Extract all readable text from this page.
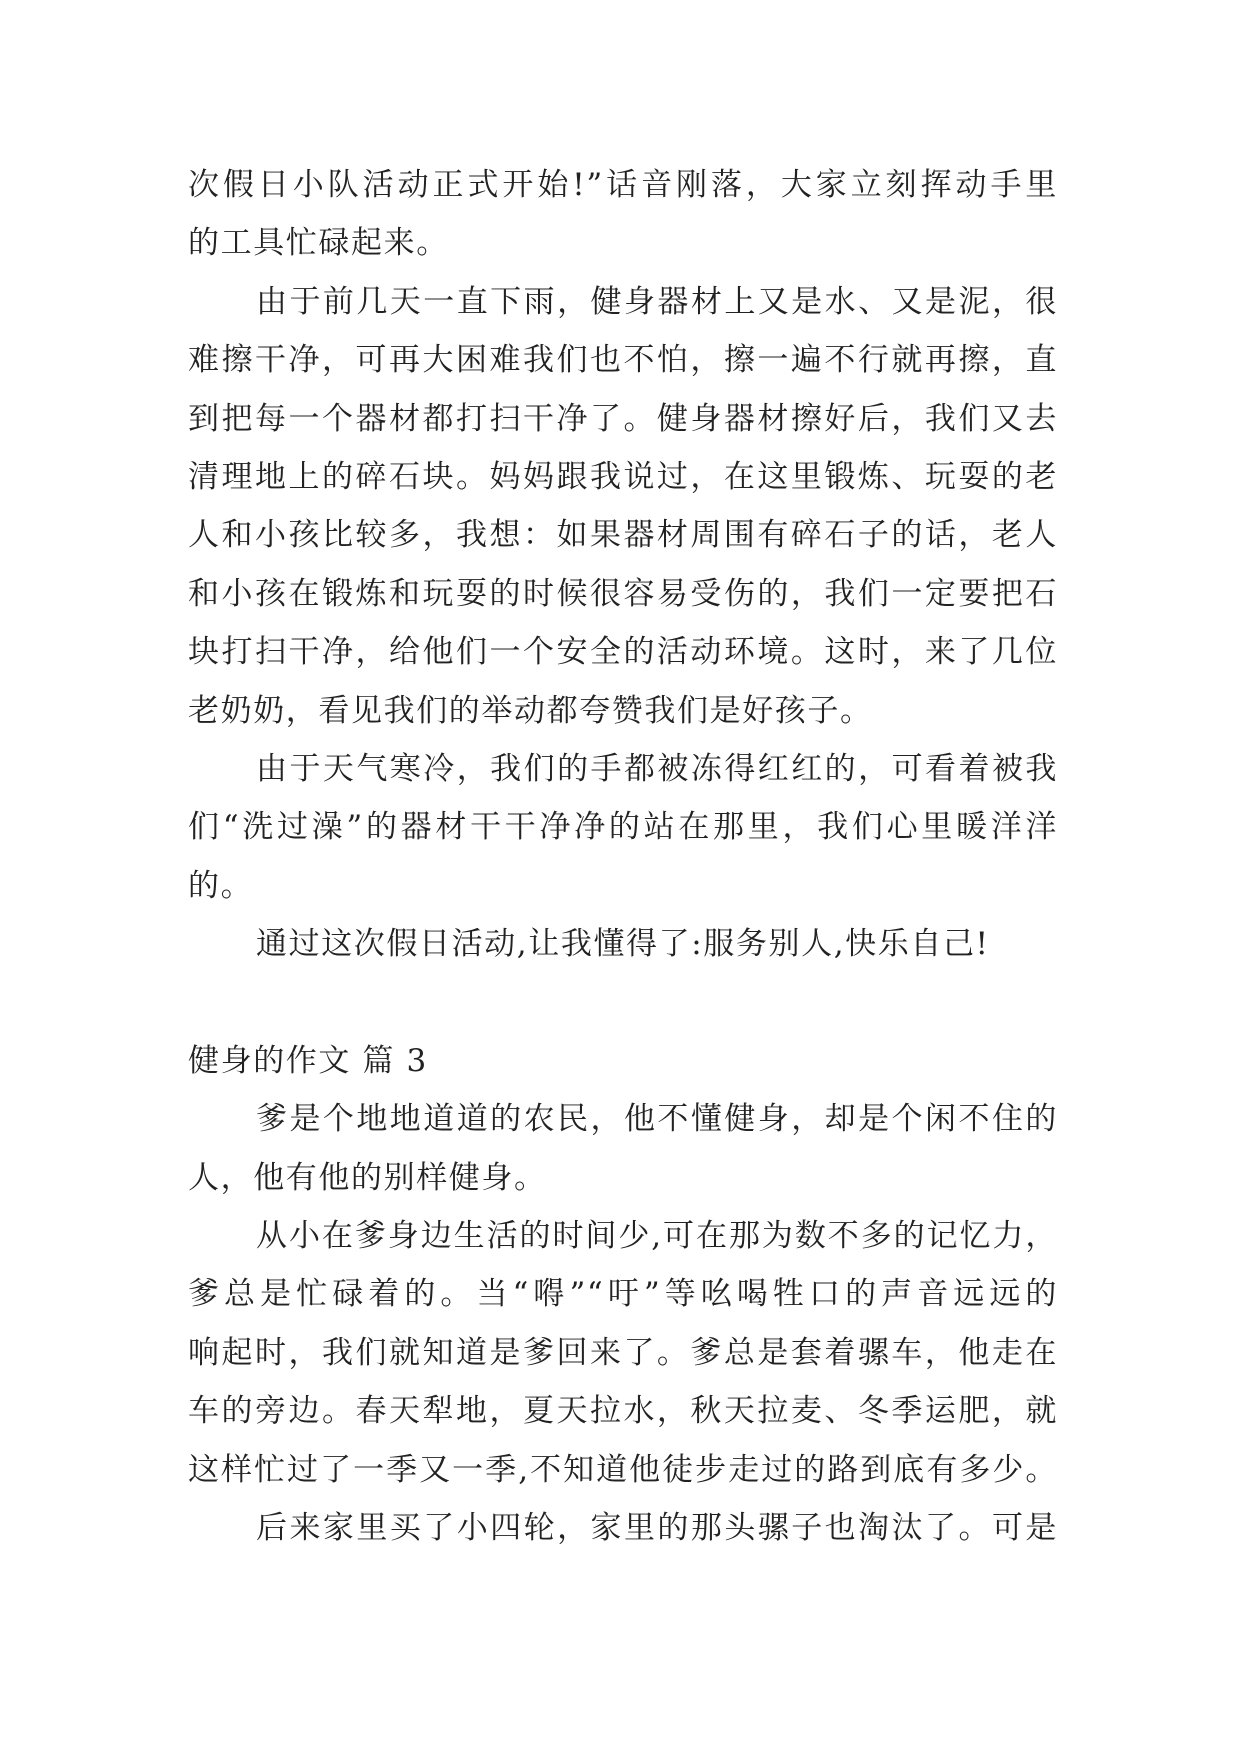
次假日小队活动正式开始!”话音刚落，大家立刻挥动手里
的工具忙碌起来。
由于前几天一直下雨，健身器材上又是水、又是泥，很
难擦干净，可再大困难我们也不怕，擦一遍不行就再擦，直
到把每一个器材都打扫干净了。健身器材擦好后，我们又去
清理地上的碎石块。妈妈跟我说过，在这里锻炼、玩耍的老
人和小孩比较多，我想：如果器材周围有碎石子的话，老人
和小孩在锻炼和玩耍的时候很容易受伤的，我们一定要把石
块打扫干净，给他们一个安全的活动环境。这时，来了几位
老奶奶，看见我们的举动都夸赞我们是好孩子。
由于天气寒冷，我们的手都被冻得红红的，可看着被我
们“洗过澡”的器材干干净净的站在那里，我们心里暖洋洋
的。
通过这次假日活动,让我懂得了:服务别人,快乐自己!
健身的作文 篇 3
爹是个地地道道的农民，他不懂健身，却是个闲不住的
人，他有他的别样健身。
从小在爹身边生活的时间少,可在那为数不多的记忆力，
爹总是忙碌着的。当“嘚”“吁”等吆喝牲口的声音远远的
响起时，我们就知道是爹回来了。爹总是套着骡车，他走在
车的旁边。春天犁地，夏天拉水，秋天拉麦、冬季运肥，就
这样忙过了一季又一季,不知道他徒步走过的路到底有多少。
后来家里买了小四轮，家里的那头骡子也淘汰了。可是
